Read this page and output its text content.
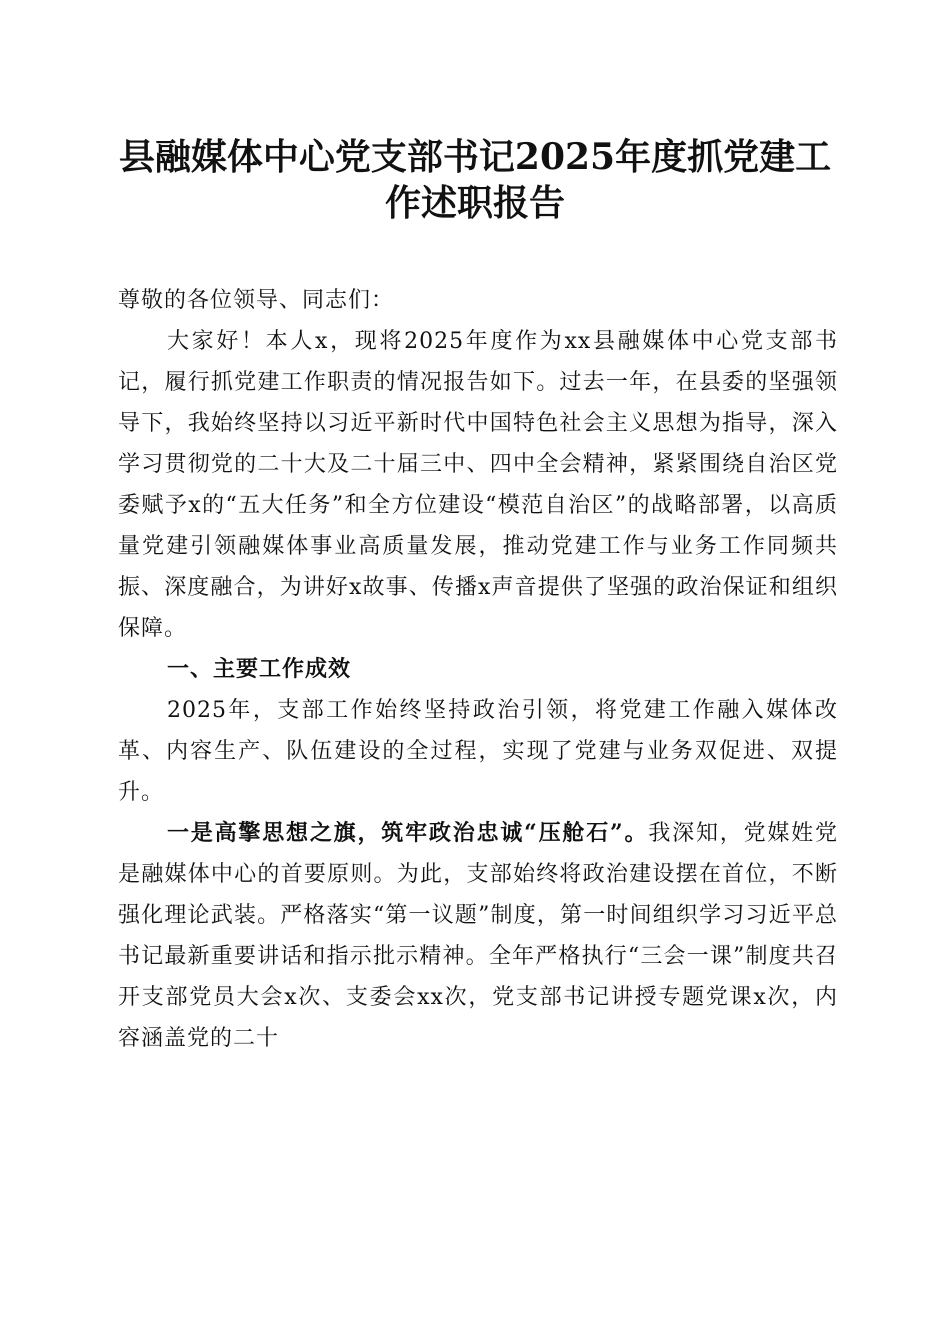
县融媒体中心党支部书记2025年度抓党建工作述职报告

尊敬的各位领导、同志们：

大家好！本人x，现将2025年度作为xx县融媒体中心党支部书记，履行抓党建工作职责的情况报告如下。过去一年，在县委的坚强领导下，我始终坚持以习近平新时代中国特色社会主义思想为指导，深入学习贯彻党的二十大及二十届三中、四中全会精神，紧紧围绕自治区党委赋予x的“五大任务”和全方位建设“模范自治区”的战略部署，以高质量党建引领融媒体事业高质量发展，推动党建工作与业务工作同频共振、深度融合，为讲好x故事、传播x声音提供了坚强的政治保证和组织保障。

一、主要工作成效

2025年，支部工作始终坚持政治引领，将党建工作融入媒体改革、内容生产、队伍建设的全过程，实现了党建与业务双促进、双提升。

一是高擎思想之旗，筑牢政治忠诚“压舱石”。我深知，党媒姓党是融媒体中心的首要原则。为此，支部始终将政治建设摆在首位，不断强化理论武装。严格落实“第一议题”制度，第一时间组织学习习近平总书记最新重要讲话和指示批示精神。全年严格执行“三会一课”制度共召开支部党员大会x次、支委会xx次，党支部书记讲授专题党课x次，内容涵盖党的二十
